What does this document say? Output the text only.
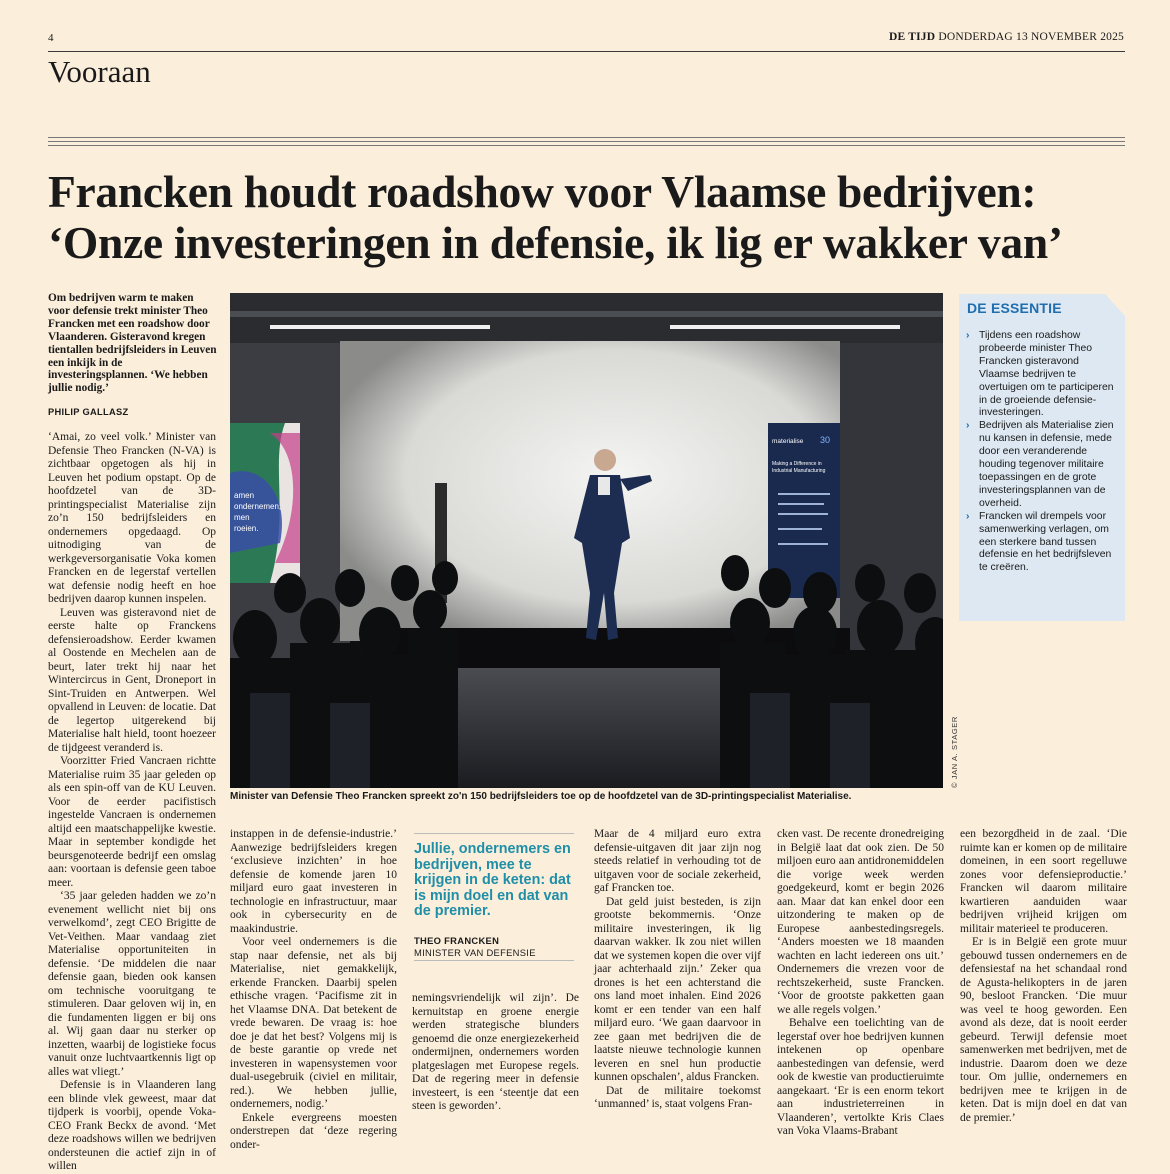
4	DE TIJD DONDERDAG 13 NOVEMBER 2025
Vooraan
Francken houdt roadshow voor Vlaamse bedrijven:
‘Onze investeringen in defensie, ik lig er wakker van’
Om bedrijven warm te maken voor defensie trekt minister Theo Francken met een roadshow door Vlaanderen. Gisteravond kregen tientallen bedrijfsleiders in Leuven een inkijk in de investeringsplannen. ‘We hebben jullie nodig.’
PHILIP GALLASZ

‘Amai, zo veel volk.’ Minister van Defensie Theo Francken (N-VA) is zichtbaar opgetogen als hij in Leuven het podium opstapt. Op de hoofdzetel van de 3D-printingspecialist Materialise zijn zo’n 150 bedrijfsleiders en ondernemers opgedaagd. Op uitnodiging van de werkgeversorganisatie Voka komen Francken en de legerstaf vertellen wat defensie nodig heeft en hoe bedrijven daarop kunnen inspelen.

Leuven was gisteravond niet de eerste halte op Franckens defensieroadshow. Eerder kwamen al Oostende en Mechelen aan de beurt, later trekt hij naar het Wintercircus in Gent, Droneport in Sint-Truiden en Antwerpen. Wel opvallend in Leuven: de locatie. Dat de legertop uitgerekend bij Materialise halt hield, toont hoezeer de tijdgeest veranderd is.

Voorzitter Fried Vancraen richtte Materialise ruim 35 jaar geleden op als een spin-off van de KU Leuven. Voor de eerder pacifistisch ingestelde Vancraen is ondernemen altijd een maatschappelijke kwestie. Maar in september kondigde het beursgenoteerde bedrijf een omslag aan: voortaan is defensie geen taboe meer.

‘35 jaar geleden hadden we zo’n evenement wellicht niet bij ons verwelkomd’, zegt CEO Brigitte de Vet-Veithen. Maar vandaag ziet Materialise opportuniteiten in defensie. ‘De middelen die naar defensie gaan, bieden ook kansen om technische vooruitgang te stimuleren. Daar geloven wij in, en die fundamenten liggen er bij ons al. Wij gaan daar nu sterker op inzetten, waarbij de logistieke focus vanuit onze luchtvaartkennis ligt op alles wat vliegt.’

Defensie is in Vlaanderen lang een blinde vlek geweest, maar dat tijdperk is voorbij, opende Voka-CEO Frank Beckx de avond. ‘Met deze roadshows willen we bedrijven ondersteunen die actief zijn in of willen

amen
ondernemen,
men
roeien.
materialise 30
Making a Difference in
Industrial Manufacturing
© JAN A. STAGER
Minister van Defensie Theo Francken spreekt zo'n 150 bedrijfsleiders toe op de hoofdzetel van de 3D-printingspecialist Materialise.
DE ESSENTIE
› Tijdens een roadshow probeerde minister Theo Francken gisteravond Vlaamse bedrijven te overtuigen om te participeren in de groeiende defensie-investeringen.
› Bedrijven als Materialise zien nu kansen in defensie, mede door een veranderende houding tegenover militaire toepassingen en de grote investeringsplannen van de overheid.
› Francken wil drempels voor samenwerking verlagen, om een sterkere band tussen defensie en het bedrijfsleven te creëren.

instappen in de defensie-industrie.’ Aanwezige bedrijfsleiders kregen ‘exclusieve inzichten’ in hoe defensie de komende jaren 10 miljard euro gaat investeren in technologie en infrastructuur, maar ook in cybersecurity en de maakindustrie.

Voor veel ondernemers is die stap naar defensie, net als bij Materialise, niet gemakkelijk, erkende Francken. Daarbij spelen ethische vragen. ‘Pacifisme zit in het Vlaamse DNA. Dat betekent de vrede bewaren. De vraag is: hoe doe je dat het best? Volgens mij is de beste garantie op vrede net investeren in wapensystemen voor dual-usegebruik (civiel en militair, red.). We hebben jullie, ondernemers, nodig.’

Enkele evergreens moesten onderstrepen dat ‘deze regering onder-

Jullie, ondernemers en bedrijven, mee te krijgen in de keten: dat is mijn doel en dat van de premier.
THEO FRANCKEN
MINISTER VAN DEFENSIE

nemingsvriendelijk wil zijn’. De kernuitstap en groene energie werden strategische blunders genoemd die onze energiezekerheid ondermijnen, ondernemers worden platgeslagen met Europese regels. Dat de regering meer in defensie investeert, is een ‘steentje dat een steen is geworden’.

Maar de 4 miljard euro extra defensie-uitgaven dit jaar zijn nog steeds relatief in verhouding tot de uitgaven voor de sociale zekerheid, gaf Francken toe.

Dat geld juist besteden, is zijn grootste bekommernis. ‘Onze militaire investeringen, ik lig daarvan wakker. Ik zou niet willen dat we systemen kopen die over vijf jaar achterhaald zijn.’ Zeker qua drones is het een achterstand die ons land moet inhalen. Eind 2026 komt er een tender van een half miljard euro. ‘We gaan daarvoor in zee gaan met bedrijven die de laatste nieuwe technologie kunnen leveren en snel hun productie kunnen opschalen’, aldus Francken.

Dat de militaire toekomst ‘unmanned’ is, staat volgens Fran-

cken vast. De recente dronedreiging in België laat dat ook zien. De 50 miljoen euro aan antidronemiddelen die vorige week werden goedgekeurd, komt er begin 2026 aan. Maar dat kan enkel door een uitzondering te maken op de Europese aanbestedingsregels. ‘Anders moesten we 18 maanden wachten en lacht iedereen ons uit.’ Ondernemers die vrezen voor de rechtszekerheid, suste Francken. ‘Voor de grootste pakketten gaan we alle regels volgen.’

Behalve een toelichting van de legerstaf over hoe bedrijven kunnen intekenen op openbare aanbestedingen van defensie, werd ook de kwestie van productieruimte aangekaart. ‘Er is een enorm tekort aan industrieterreinen in Vlaanderen’, vertolkte Kris Claes van Voka Vlaams-Brabant

een bezorgdheid in de zaal. ‘Die ruimte kan er komen op de militaire domeinen, in een soort regelluwe zones voor defensieproductie.’ Francken wil daarom militaire kwartieren aanduiden waar bedrijven vrijheid krijgen om militair materieel te produceren.

Er is in België een grote muur gebouwd tussen ondernemers en de defensiestaf na het schandaal rond de Agusta-helikopters in de jaren 90, besloot Francken. ‘Die muur was veel te hoog geworden. Een avond als deze, dat is nooit eerder gebeurd. Terwijl defensie moet samenwerken met bedrijven, met de industrie. Daarom doen we deze tour. Om jullie, ondernemers en bedrijven mee te krijgen in de keten. Dat is mijn doel en dat van de premier.’
